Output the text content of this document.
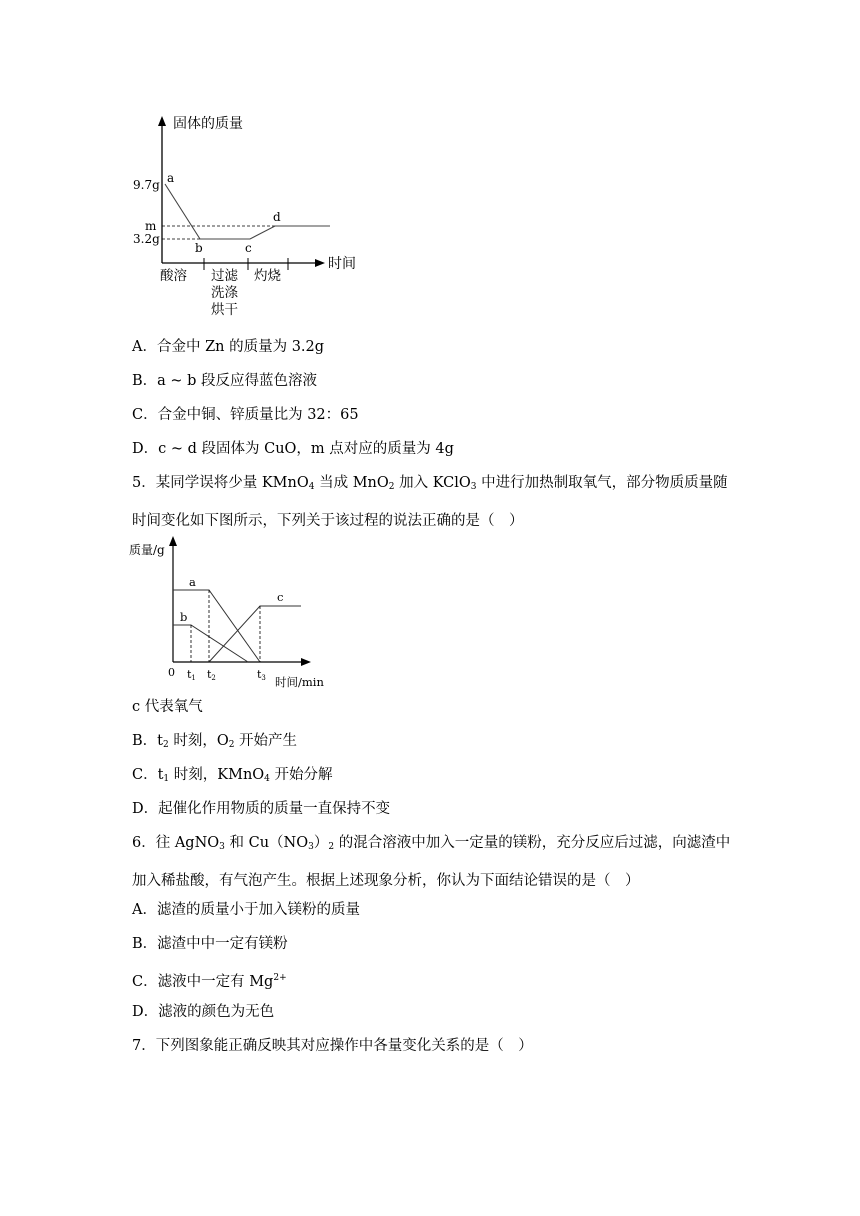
固体的质量
时间
9.7g
m
3.2g
a
b	c
d
酸溶 过滤
洗涤
烘干
灼烧
A．合金中 Zn 的质量为 3.2g
B．a ~ b 段反应得蓝色溶液
C．合金中铜、锌质量比为 32：65
D．c ~ d 段固体为 CuO，m 点对应的质量为 4g
5．某同学误将少量 KMnO$_4$ 当成 MnO$_2$ 加入 KClO$_3$ 中进行加热制取氧气，部分物质质量随时间变化如下图所示，下列关于该过程的说法正确的是（　）
质量/g
时间/min
0 t1 t2	t3
a
b
c
c 代表氧气
B．$t_2$ 时刻，$O_2$ 开始产生
C．$t_1$ 时刻，KMnO$_4$ 开始分解
D．起催化作用物质的质量一直保持不变
6．往 AgNO$_3$ 和 $Cu(NO_3)_2$ 的混合溶液中加入一定量的镁粉，充分反应后过滤，向滤渣中加入稀盐酸，有气泡产生。根据上述现象分析，你认为下面结论错误的是（　）
A．滤渣的质量小于加入镁粉的质量
B．滤渣中中一定有镁粉
C．滤液中一定有 $Mg^{2+}$
D．滤液的颜色为无色
7．下列图象能正确反映其对应操作中各量变化关系的是（　）
